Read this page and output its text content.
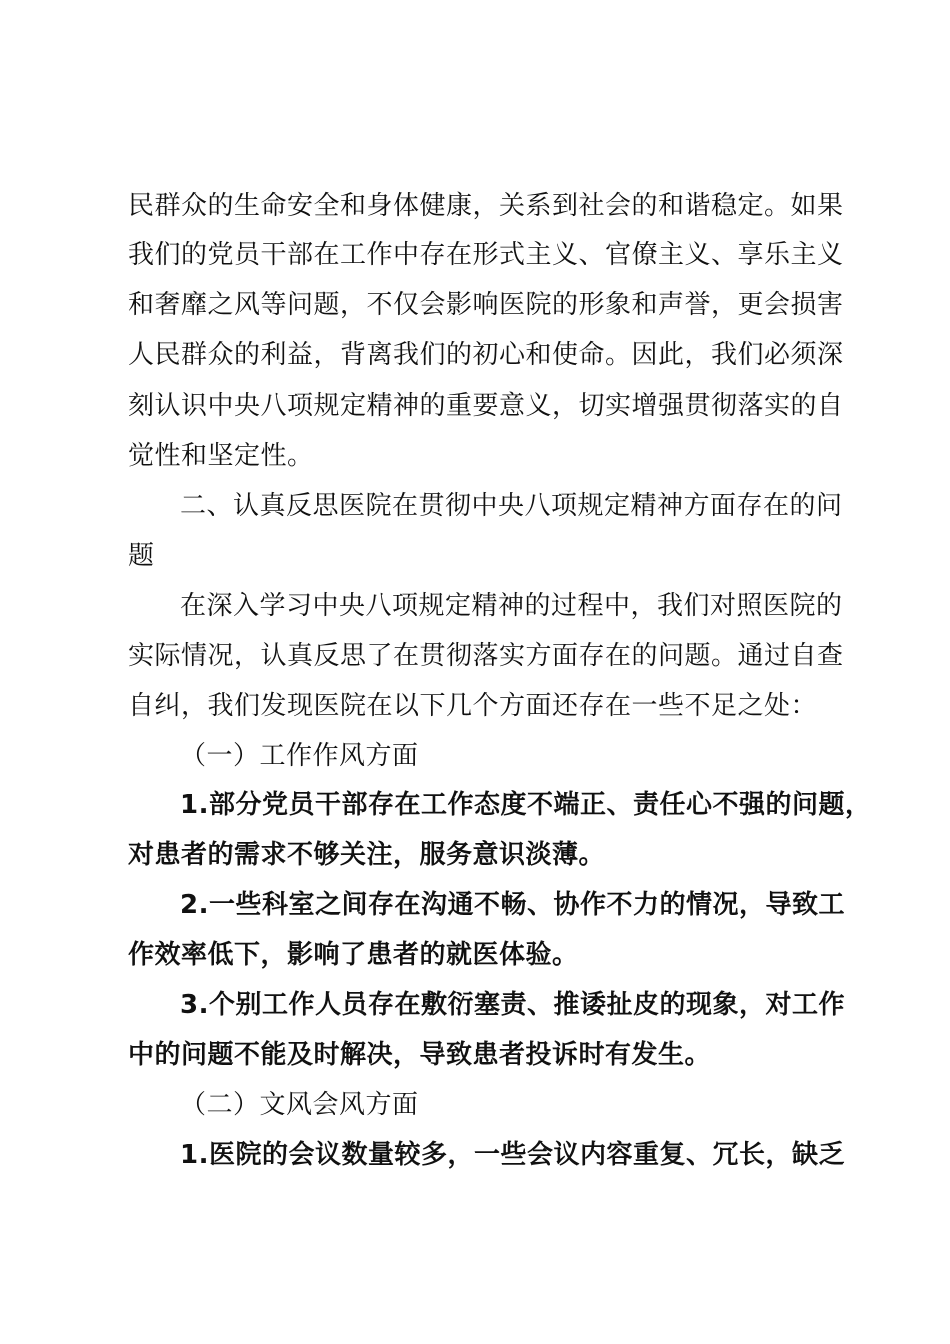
民群众的生命安全和身体健康，关系到社会的和谐稳定。如果
我们的党员干部在工作中存在形式主义、官僚主义、享乐主义
和奢靡之风等问题，不仅会影响医院的形象和声誉，更会损害
人民群众的利益，背离我们的初心和使命。因此，我们必须深
刻认识中央八项规定精神的重要意义，切实增强贯彻落实的自
觉性和坚定性。
二、认真反思医院在贯彻中央八项规定精神方面存在的问
题
在深入学习中央八项规定精神的过程中，我们对照医院的
实际情况，认真反思了在贯彻落实方面存在的问题。通过自查
自纠，我们发现医院在以下几个方面还存在一些不足之处：
（一）工作作风方面
1.部分党员干部存在工作态度不端正、责任心不强的问题，
对患者的需求不够关注，服务意识淡薄。
2.一些科室之间存在沟通不畅、协作不力的情况，导致工
作效率低下，影响了患者的就医体验。
3.个别工作人员存在敷衍塞责、推诿扯皮的现象，对工作
中的问题不能及时解决，导致患者投诉时有发生。
（二）文风会风方面
1.医院的会议数量较多，一些会议内容重复、冗长，缺乏
